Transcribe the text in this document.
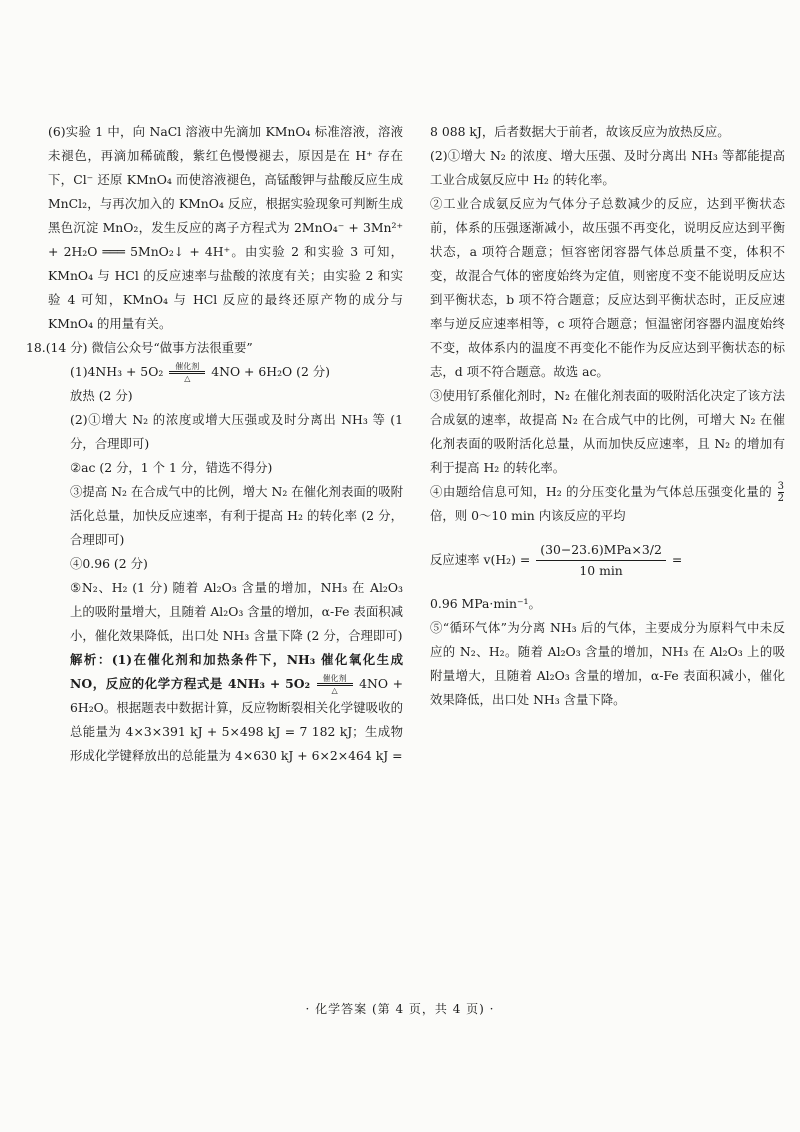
(6)实验 1 中，向 NaCl 溶液中先滴加 KMnO₄ 标准溶液，溶液未褪色，再滴加稀硫酸，紫红色慢慢褪去，原因是在 H⁺ 存在下，Cl⁻ 还原 KMnO₄ 而使溶液褪色，高锰酸钾与盐酸反应生成 MnCl₂，与再次加入的 KMnO₄ 反应，根据实验现象可判断生成黑色沉淀 MnO₂，发生反应的离子方程式为 2MnO₄⁻ + 3Mn²⁺ + 2H₂O ═══ 5MnO₂↓ + 4H⁺。由实验 2 和实验 3 可知，KMnO₄ 与 HCl 的反应速率与盐酸的浓度有关；由实验 2 和实验 4 可知，KMnO₄ 与 HCl 反应的最终还原产物的成分与 KMnO₄ 的用量有关。
18.(14 分) 微信公众号“做事方法很重要”
(1)4NH₃ + 5O₂ 催化剂
△ 4NO + 6H₂O (2 分)
放热 (2 分)
(2)①增大 N₂ 的浓度或增大压强或及时分离出 NH₃ 等 (1 分，合理即可)
②ac (2 分，1 个 1 分，错选不得分)
③提高 N₂ 在合成气中的比例，增大 N₂ 在催化剂表面的吸附活化总量，加快反应速率，有利于提高 H₂ 的转化率 (2 分，合理即可)
④0.96 (2 分)
⑤N₂、H₂ (1 分) 随着 Al₂O₃ 含量的增加，NH₃ 在 Al₂O₃ 上的吸附量增大，且随着 Al₂O₃ 含量的增加，α-Fe 表面积减小，催化效果降低，出口处 NH₃ 含量下降 (2 分，合理即可)
解析：(1)在催化剂和加热条件下，NH₃ 催化氧化生成 NO，反应的化学方程式是 4NH₃ + 5O₂ 催化剂
△ 4NO + 6H₂O。根据题表中数据计算，反应物断裂相关化学键吸收的总能量为 4×3×391 kJ + 5×498 kJ = 7 182 kJ；生成物形成化学键释放出的总能量为 4×630 kJ + 6×2×464 kJ =
8 088 kJ，后者数据大于前者，故该反应为放热反应。
(2)①增大 N₂ 的浓度、增大压强、及时分离出 NH₃ 等都能提高工业合成氨反应中 H₂ 的转化率。
②工业合成氨反应为气体分子总数减少的反应，达到平衡状态前，体系的压强逐渐减小，故压强不再变化，说明反应达到平衡状态，a 项符合题意；恒容密闭容器气体总质量不变，体积不变，故混合气体的密度始终为定值，则密度不变不能说明反应达到平衡状态，b 项不符合题意；反应达到平衡状态时，正反应速率与逆反应速率相等，c 项符合题意；恒温密闭容器内温度始终不变，故体系内的温度不再变化不能作为反应达到平衡状态的标志，d 项不符合题意。故选 ac。
③使用钌系催化剂时，N₂ 在催化剂表面的吸附活化决定了该方法合成氨的速率，故提高 N₂ 在合成气中的比例，可增大 N₂ 在催化剂表面的吸附活化总量，从而加快反应速率，且 N₂ 的增加有利于提高 H₂ 的转化率。
④由题给信息可知，H₂ 的分压变化量为气体总压强变化量的 $\frac{3}{2}$
倍，则 0～10 min 内该反应的平均
反应速率 $v(H_2) = \frac{\text{(30−23.6)MPa×3/2}}{10 \min}$ =
0.96 MPa·min⁻¹。
⑤“循环气体”为分离 NH₃ 后的气体，主要成分为原料气中未反应的 N₂、H₂。随着 Al₂O₃ 含量的增加，NH₃ 在 Al₂O₃ 上的吸附量增大，且随着 Al₂O₃ 含量的增加，α-Fe 表面积减小，催化效果降低，出口处 NH₃ 含量下降。
· 化学答案 (第 4 页，共 4 页) ·
